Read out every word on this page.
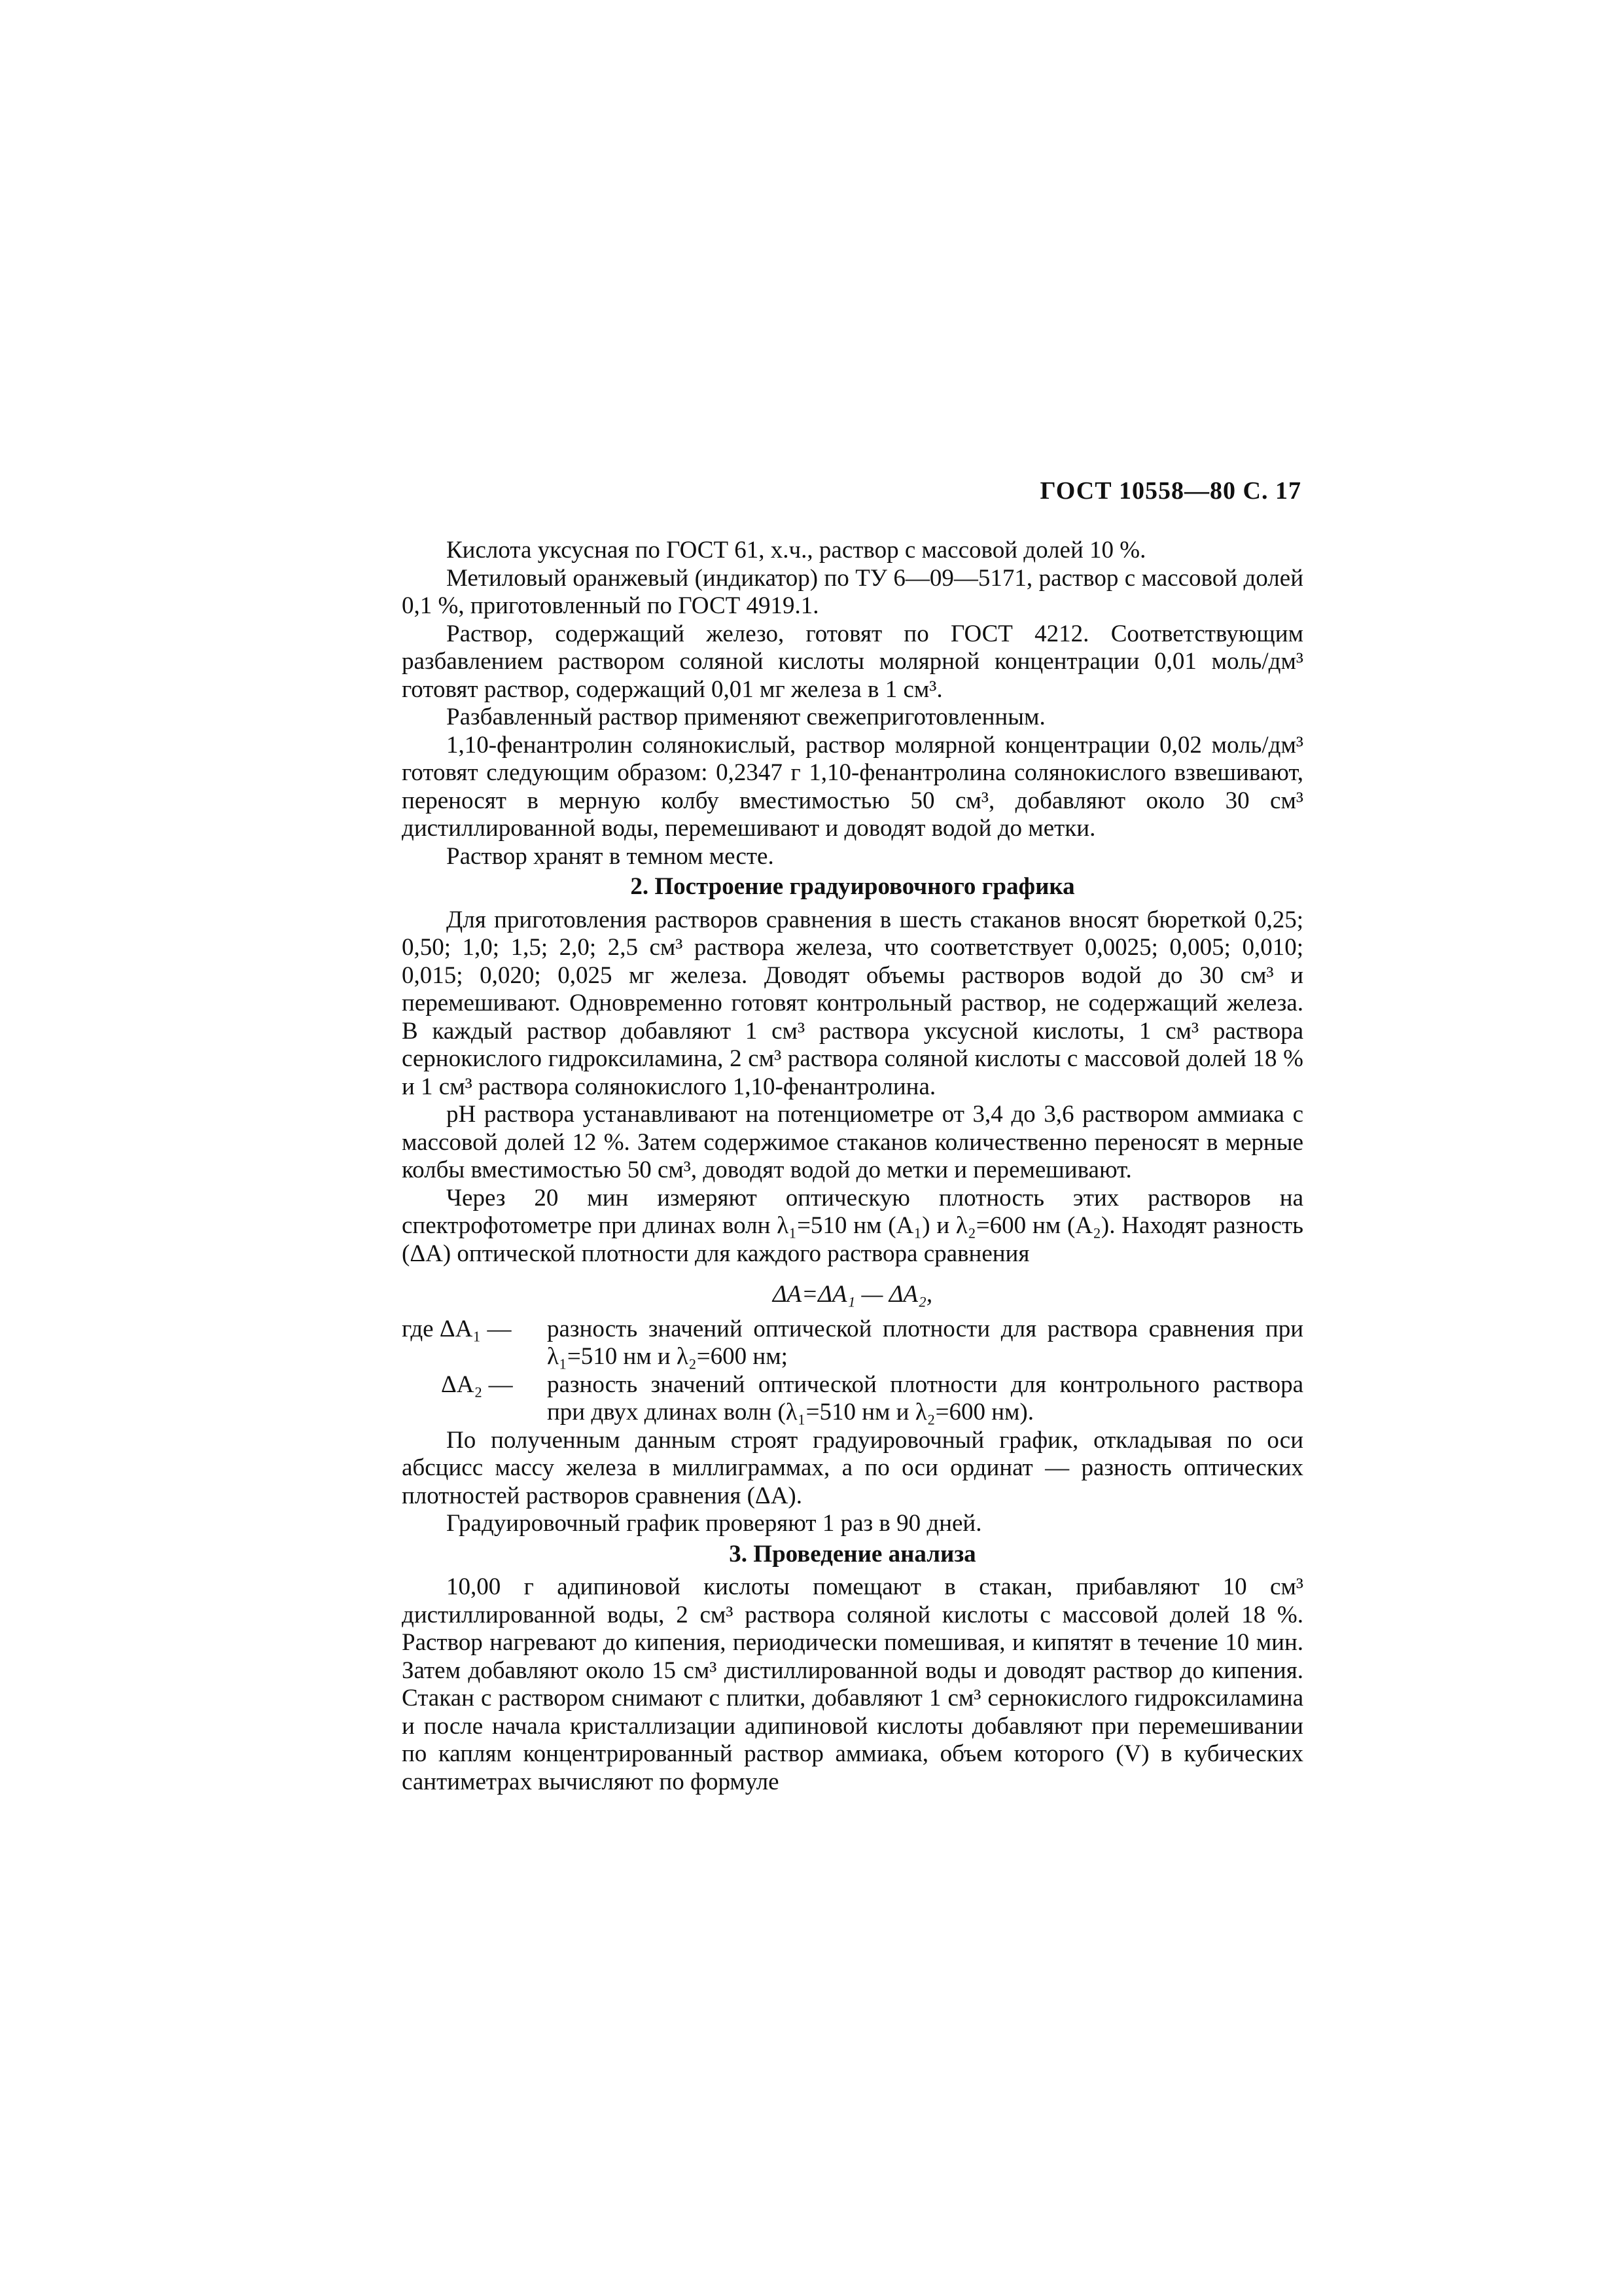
ГОСТ 10558—80 С. 17

Кислота уксусная по ГОСТ 61, х.ч., раствор с массовой долей 10 %.

Метиловый оранжевый (индикатор) по ТУ 6—09—5171, раствор с массовой долей 0,1 %, приготовленный по ГОСТ 4919.1.

Раствор, содержащий железо, готовят по ГОСТ 4212. Соответствующим разбавлением раствором соляной кислоты молярной концентрации 0,01 моль/дм³ готовят раствор, содержащий 0,01 мг железа в 1 см³.

Разбавленный раствор применяют свежеприготовленным.

1,10-фенантролин солянокислый, раствор молярной концентрации 0,02 моль/дм³ готовят следующим образом: 0,2347 г 1,10-фенантролина солянокислого взвешивают, переносят в мерную колбу вместимостью 50 см³, добавляют около 30 см³ дистиллированной воды, перемешивают и доводят водой до метки.

Раствор хранят в темном месте.

2. Построение градуировочного графика

Для приготовления растворов сравнения в шесть стаканов вносят бюреткой 0,25; 0,50; 1,0; 1,5; 2,0; 2,5 см³ раствора железа, что соответствует 0,0025; 0,005; 0,010; 0,015; 0,020; 0,025 мг железа. Доводят объемы растворов водой до 30 см³ и перемешивают. Одновременно готовят контрольный раствор, не содержащий железа. В каждый раствор добавляют 1 см³ раствора уксусной кислоты, 1 см³ раствора сернокислого гидроксиламина, 2 см³ раствора соляной кислоты с массовой долей 18 % и 1 см³ раствора солянокислого 1,10-фенантролина.

pH раствора устанавливают на потенциометре от 3,4 до 3,6 раствором аммиака с массовой долей 12 %. Затем содержимое стаканов количественно переносят в мерные колбы вместимостью 50 см³, доводят водой до метки и перемешивают.

Через 20 мин измеряют оптическую плотность этих растворов на спектрофотометре при длинах волн λ₁=510 нм (A₁) и λ₂=600 нм (A₂). Находят разность (ΔA) оптической плотности для каждого раствора сравнения

ΔA=ΔA₁ — ΔA₂,

где ΔA₁ —	разность значений оптической плотности для раствора сравнения при λ₁=510 нм и λ₂=600 нм;
ΔA₂ —	разность значений оптической плотности для контрольного раствора при двух длинах волн (λ₁=510 нм и λ₂=600 нм).

По полученным данным строят градуировочный график, откладывая по оси абсцисс массу железа в миллиграммах, а по оси ординат — разность оптических плотностей растворов сравнения (ΔA).

Градуировочный график проверяют 1 раз в 90 дней.

3. Проведение анализа

10,00 г адипиновой кислоты помещают в стакан, прибавляют 10 см³ дистиллированной воды, 2 см³ раствора соляной кислоты с массовой долей 18 %. Раствор нагревают до кипения, периодически помешивая, и кипятят в течение 10 мин. Затем добавляют около 15 см³ дистиллированной воды и доводят раствор до кипения. Стакан с раствором снимают с плитки, добавляют 1 см³ сернокислого гидроксиламина и после начала кристаллизации адипиновой кислоты добавляют при перемешивании по каплям концентрированный раствор аммиака, объем которого (V) в кубических сантиметрах вычисляют по формуле
